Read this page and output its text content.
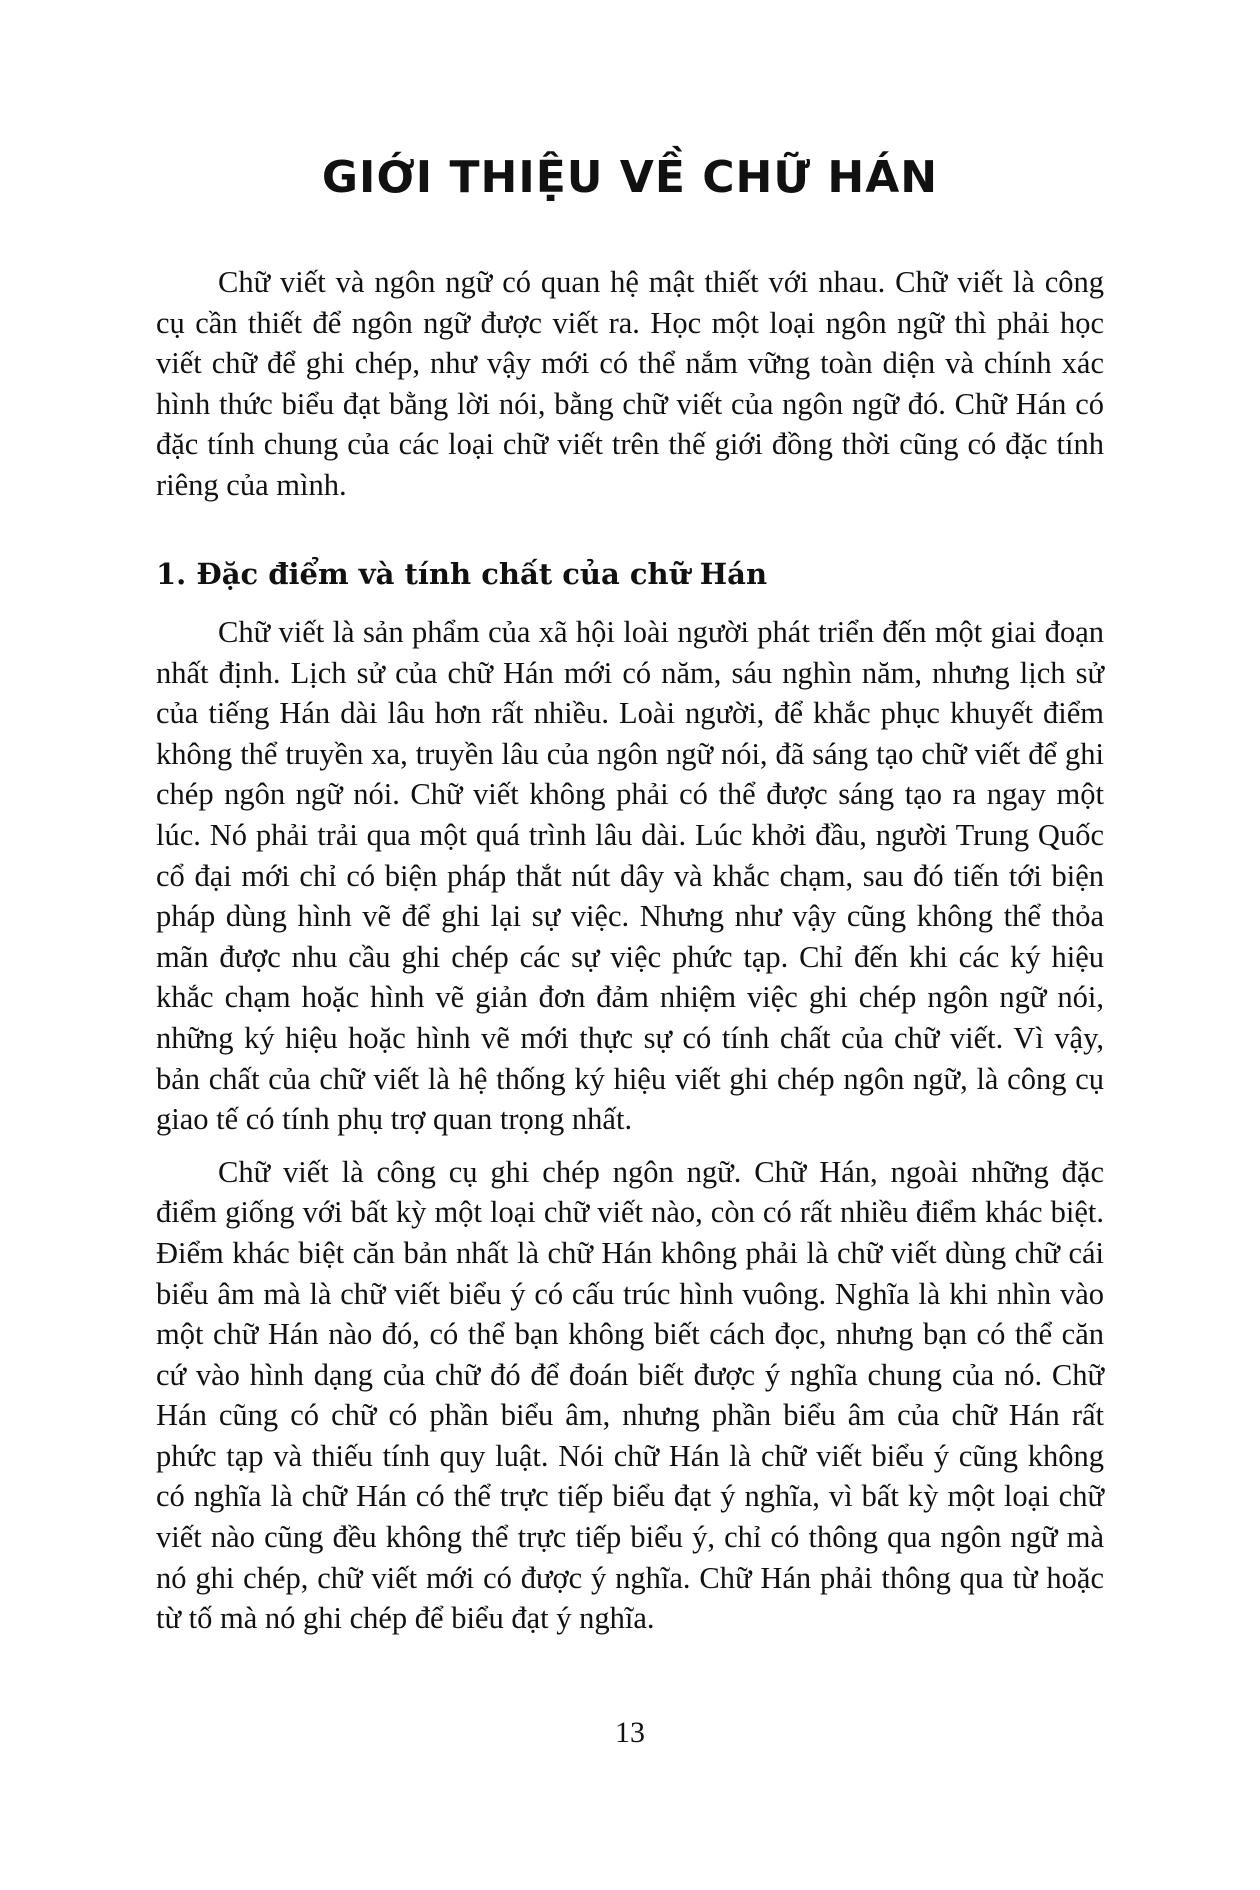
GIỚI THIỆU VỀ CHỮ HÁN

Chữ viết và ngôn ngữ có quan hệ mật thiết với nhau. Chữ viết là công cụ cần thiết để ngôn ngữ được viết ra. Học một loại ngôn ngữ thì phải học viết chữ để ghi chép, như vậy mới có thể nắm vững toàn diện và chính xác hình thức biểu đạt bằng lời nói, bằng chữ viết của ngôn ngữ đó. Chữ Hán có đặc tính chung của các loại chữ viết trên thế giới đồng thời cũng có đặc tính riêng của mình.

1. Đặc điểm và tính chất của chữ Hán

Chữ viết là sản phẩm của xã hội loài người phát triển đến một giai đoạn nhất định. Lịch sử của chữ Hán mới có năm, sáu nghìn năm, nhưng lịch sử của tiếng Hán dài lâu hơn rất nhiều. Loài người, để khắc phục khuyết điểm không thể truyền xa, truyền lâu của ngôn ngữ nói, đã sáng tạo chữ viết để ghi chép ngôn ngữ nói. Chữ viết không phải có thể được sáng tạo ra ngay một lúc. Nó phải trải qua một quá trình lâu dài. Lúc khởi đầu, người Trung Quốc cổ đại mới chỉ có biện pháp thắt nút dây và khắc chạm, sau đó tiến tới biện pháp dùng hình vẽ để ghi lại sự việc. Nhưng như vậy cũng không thể thỏa mãn được nhu cầu ghi chép các sự việc phức tạp. Chỉ đến khi các ký hiệu khắc chạm hoặc hình vẽ giản đơn đảm nhiệm việc ghi chép ngôn ngữ nói, những ký hiệu hoặc hình vẽ mới thực sự có tính chất của chữ viết. Vì vậy, bản chất của chữ viết là hệ thống ký hiệu viết ghi chép ngôn ngữ, là công cụ giao tế có tính phụ trợ quan trọng nhất.

Chữ viết là công cụ ghi chép ngôn ngữ. Chữ Hán, ngoài những đặc điểm giống với bất kỳ một loại chữ viết nào, còn có rất nhiều điểm khác biệt. Điểm khác biệt căn bản nhất là chữ Hán không phải là chữ viết dùng chữ cái biểu âm mà là chữ viết biểu ý có cấu trúc hình vuông. Nghĩa là khi nhìn vào một chữ Hán nào đó, có thể bạn không biết cách đọc, nhưng bạn có thể căn cứ vào hình dạng của chữ đó để đoán biết được ý nghĩa chung của nó. Chữ Hán cũng có chữ có phần biểu âm, nhưng phần biểu âm của chữ Hán rất phức tạp và thiếu tính quy luật. Nói chữ Hán là chữ viết biểu ý cũng không có nghĩa là chữ Hán có thể trực tiếp biểu đạt ý nghĩa, vì bất kỳ một loại chữ viết nào cũng đều không thể trực tiếp biểu ý, chỉ có thông qua ngôn ngữ mà nó ghi chép, chữ viết mới có được ý nghĩa. Chữ Hán phải thông qua từ hoặc từ tố mà nó ghi chép để biểu đạt ý nghĩa.

13
